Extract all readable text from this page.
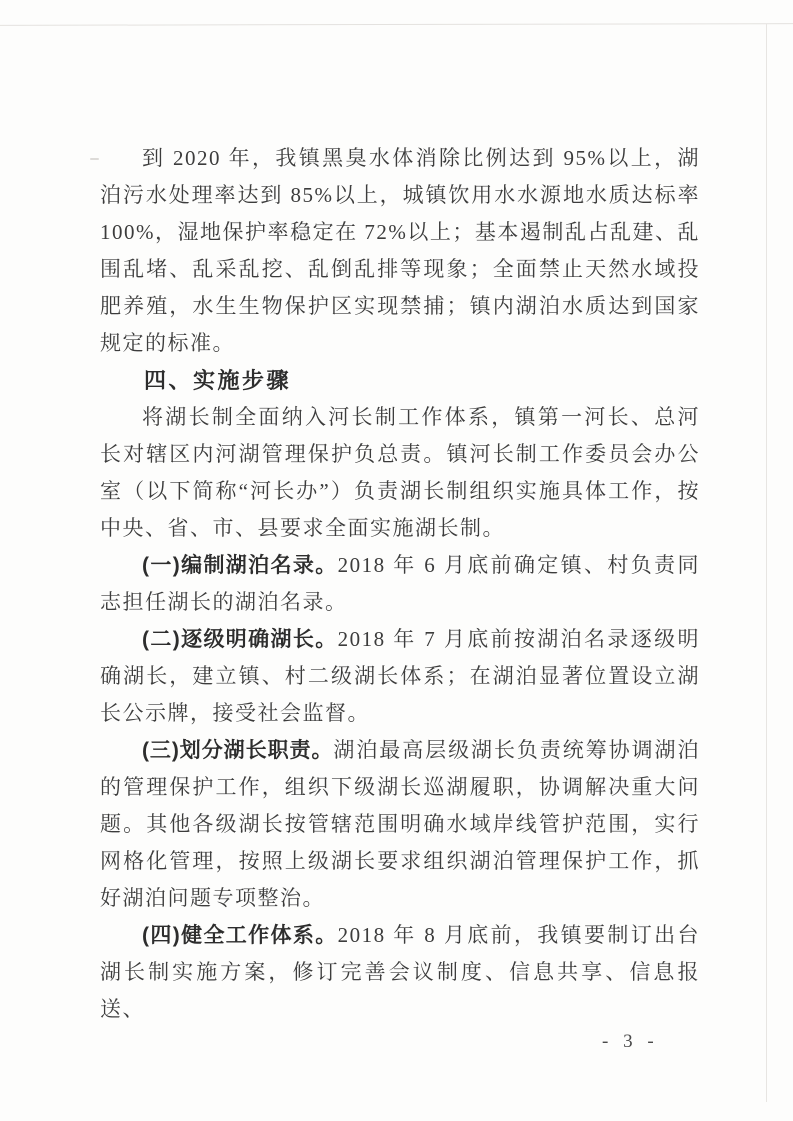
到 2020 年，我镇黑臭水体消除比例达到 95%以上，湖泊污水处理率达到 85%以上，城镇饮用水水源地水质达标率 100%，湿地保护率稳定在 72%以上；基本遏制乱占乱建、乱围乱堵、乱采乱挖、乱倒乱排等现象；全面禁止天然水域投肥养殖，水生生物保护区实现禁捕；镇内湖泊水质达到国家规定的标准。

四、实施步骤

将湖长制全面纳入河长制工作体系，镇第一河长、总河长对辖区内河湖管理保护负总责。镇河长制工作委员会办公室（以下简称“河长办”）负责湖长制组织实施具体工作，按中央、省、市、县要求全面实施湖长制。

(一)编制湖泊名录。2018 年 6 月底前确定镇、村负责同志担任湖长的湖泊名录。

(二)逐级明确湖长。2018 年 7 月底前按湖泊名录逐级明确湖长，建立镇、村二级湖长体系；在湖泊显著位置设立湖长公示牌，接受社会监督。

(三)划分湖长职责。湖泊最高层级湖长负责统筹协调湖泊的管理保护工作，组织下级湖长巡湖履职，协调解决重大问题。其他各级湖长按管辖范围明确水域岸线管护范围，实行网格化管理，按照上级湖长要求组织湖泊管理保护工作，抓好湖泊问题专项整治。

(四)健全工作体系。2018 年 8 月底前，我镇要制订出台湖长制实施方案，修订完善会议制度、信息共享、信息报送、

- 3 -
